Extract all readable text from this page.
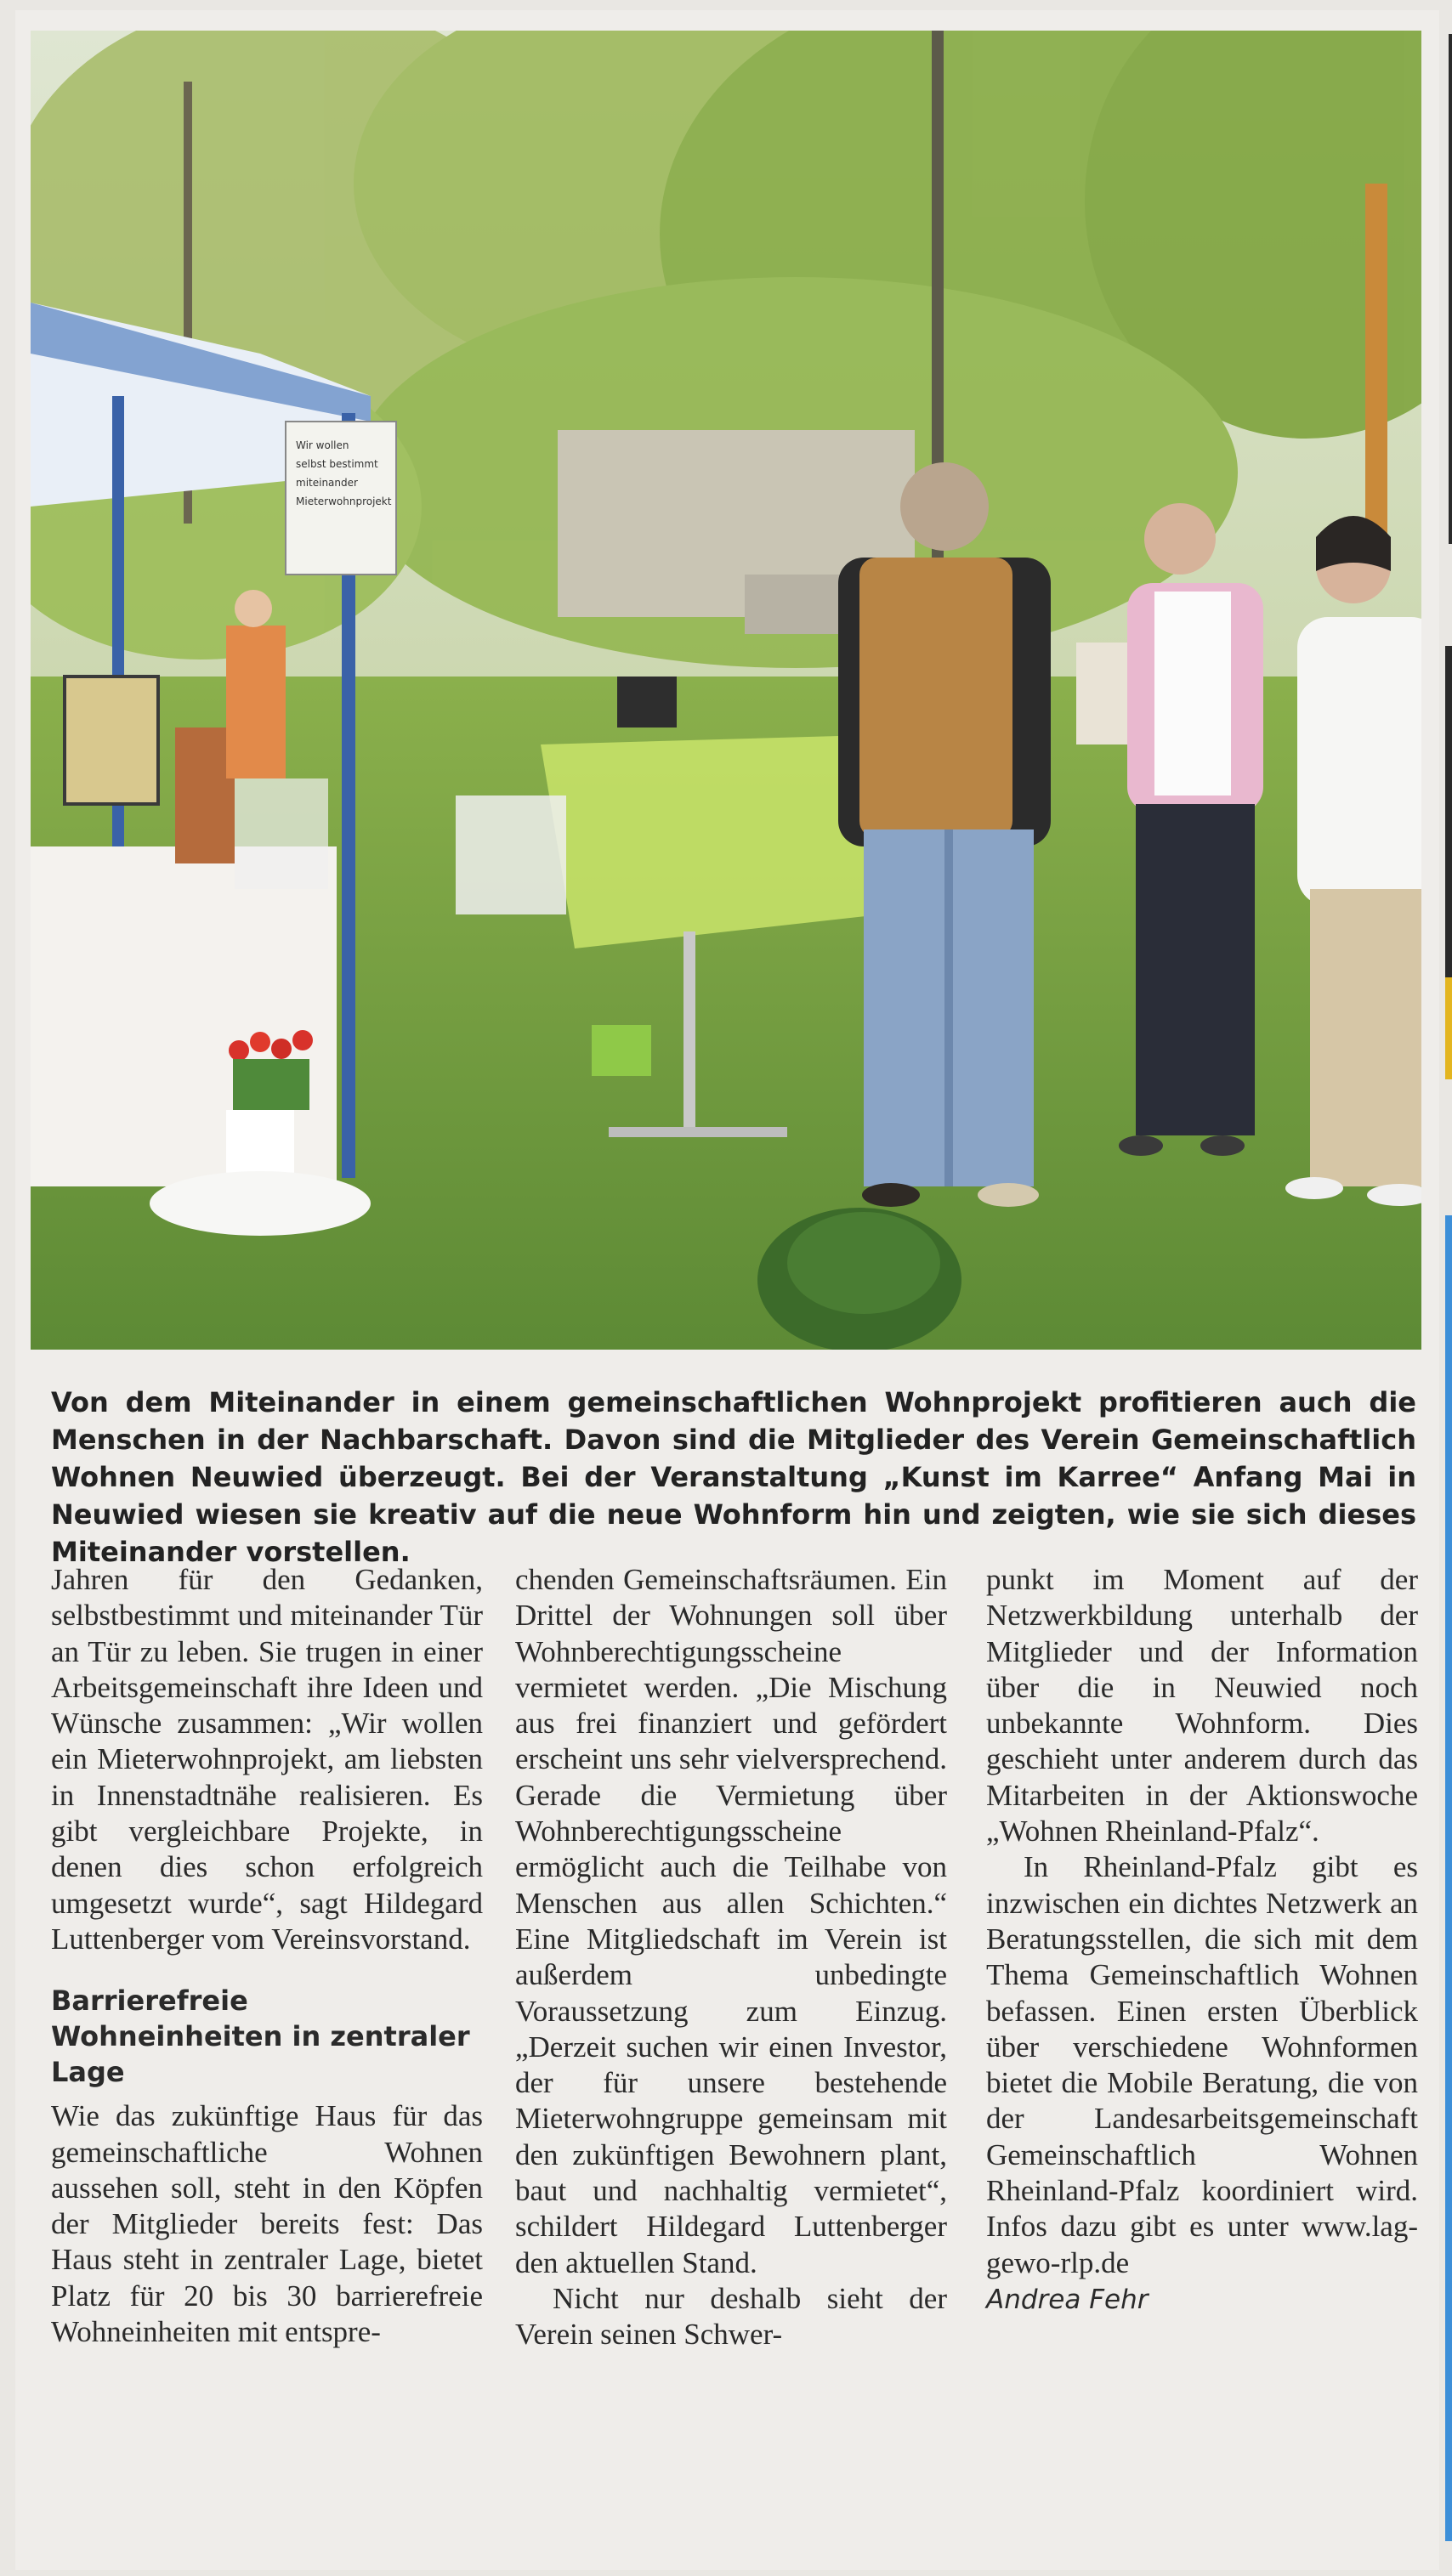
Wir wollen
selbst bestimmt
miteinander
Mieterwohnprojekt

Von dem Miteinander in einem gemeinschaftlichen Wohnprojekt profitieren auch die Menschen in der Nachbarschaft. Davon sind die Mitglieder des Verein Gemeinschaftlich Wohnen Neuwied überzeugt. Bei der Veranstaltung „Kunst im Karree“ Anfang Mai in Neuwied wiesen sie kreativ auf die neue Wohnform hin und zeigten, wie sie sich dieses Miteinander vorstellen.

Jahren für den Gedanken, selbstbestimmt und miteinander Tür an Tür zu leben. Sie trugen in einer Arbeitsgemeinschaft ihre Ideen und Wünsche zusammen: „Wir wollen ein Mieterwohnprojekt, am liebsten in Innenstadtnähe realisieren. Es gibt vergleichbare Projekte, in denen dies schon erfolgreich umgesetzt wurde“, sagt Hildegard Luttenberger vom Vereinsvorstand.

Barrierefreie Wohneinheiten in zentraler Lage

Wie das zukünftige Haus für das gemeinschaftliche Wohnen aussehen soll, steht in den Köpfen der Mitglieder bereits fest: Das Haus steht in zentraler Lage, bietet Platz für 20 bis 30 barrierefreie Wohneinheiten mit entspre-

chenden Gemeinschaftsräumen. Ein Drittel der Wohnungen soll über Wohnberechtigungsscheine vermietet werden. „Die Mischung aus frei finanziert und gefördert erscheint uns sehr vielversprechend. Gerade die Vermietung über Wohnberechtigungsscheine ermöglicht auch die Teilhabe von Menschen aus allen Schichten.“ Eine Mitgliedschaft im Verein ist außerdem unbedingte Voraussetzung zum Einzug. „Derzeit suchen wir einen Investor, der für unsere bestehende Mieterwohngruppe gemeinsam mit den zukünftigen Bewohnern plant, baut und nachhaltig vermietet“, schildert Hildegard Luttenberger den aktuellen Stand.

Nicht nur deshalb sieht der Verein seinen Schwer-

punkt im Moment auf der Netzwerkbildung unterhalb der Mitglieder und der Information über die in Neuwied noch unbekannte Wohnform. Dies geschieht unter anderem durch das Mitarbeiten in der Aktionswoche „Wohnen Rheinland-Pfalz“.

In Rheinland-Pfalz gibt es inzwischen ein dichtes Netzwerk an Beratungsstellen, die sich mit dem Thema Gemeinschaftlich Wohnen befassen. Einen ersten Überblick über verschiedene Wohnformen bietet die Mobile Beratung, die von der Landesarbeitsgemeinschaft Gemeinschaftlich Wohnen Rheinland-Pfalz koordiniert wird. Infos dazu gibt es unter www.lag-gewo-rlp.de

Andrea Fehr
